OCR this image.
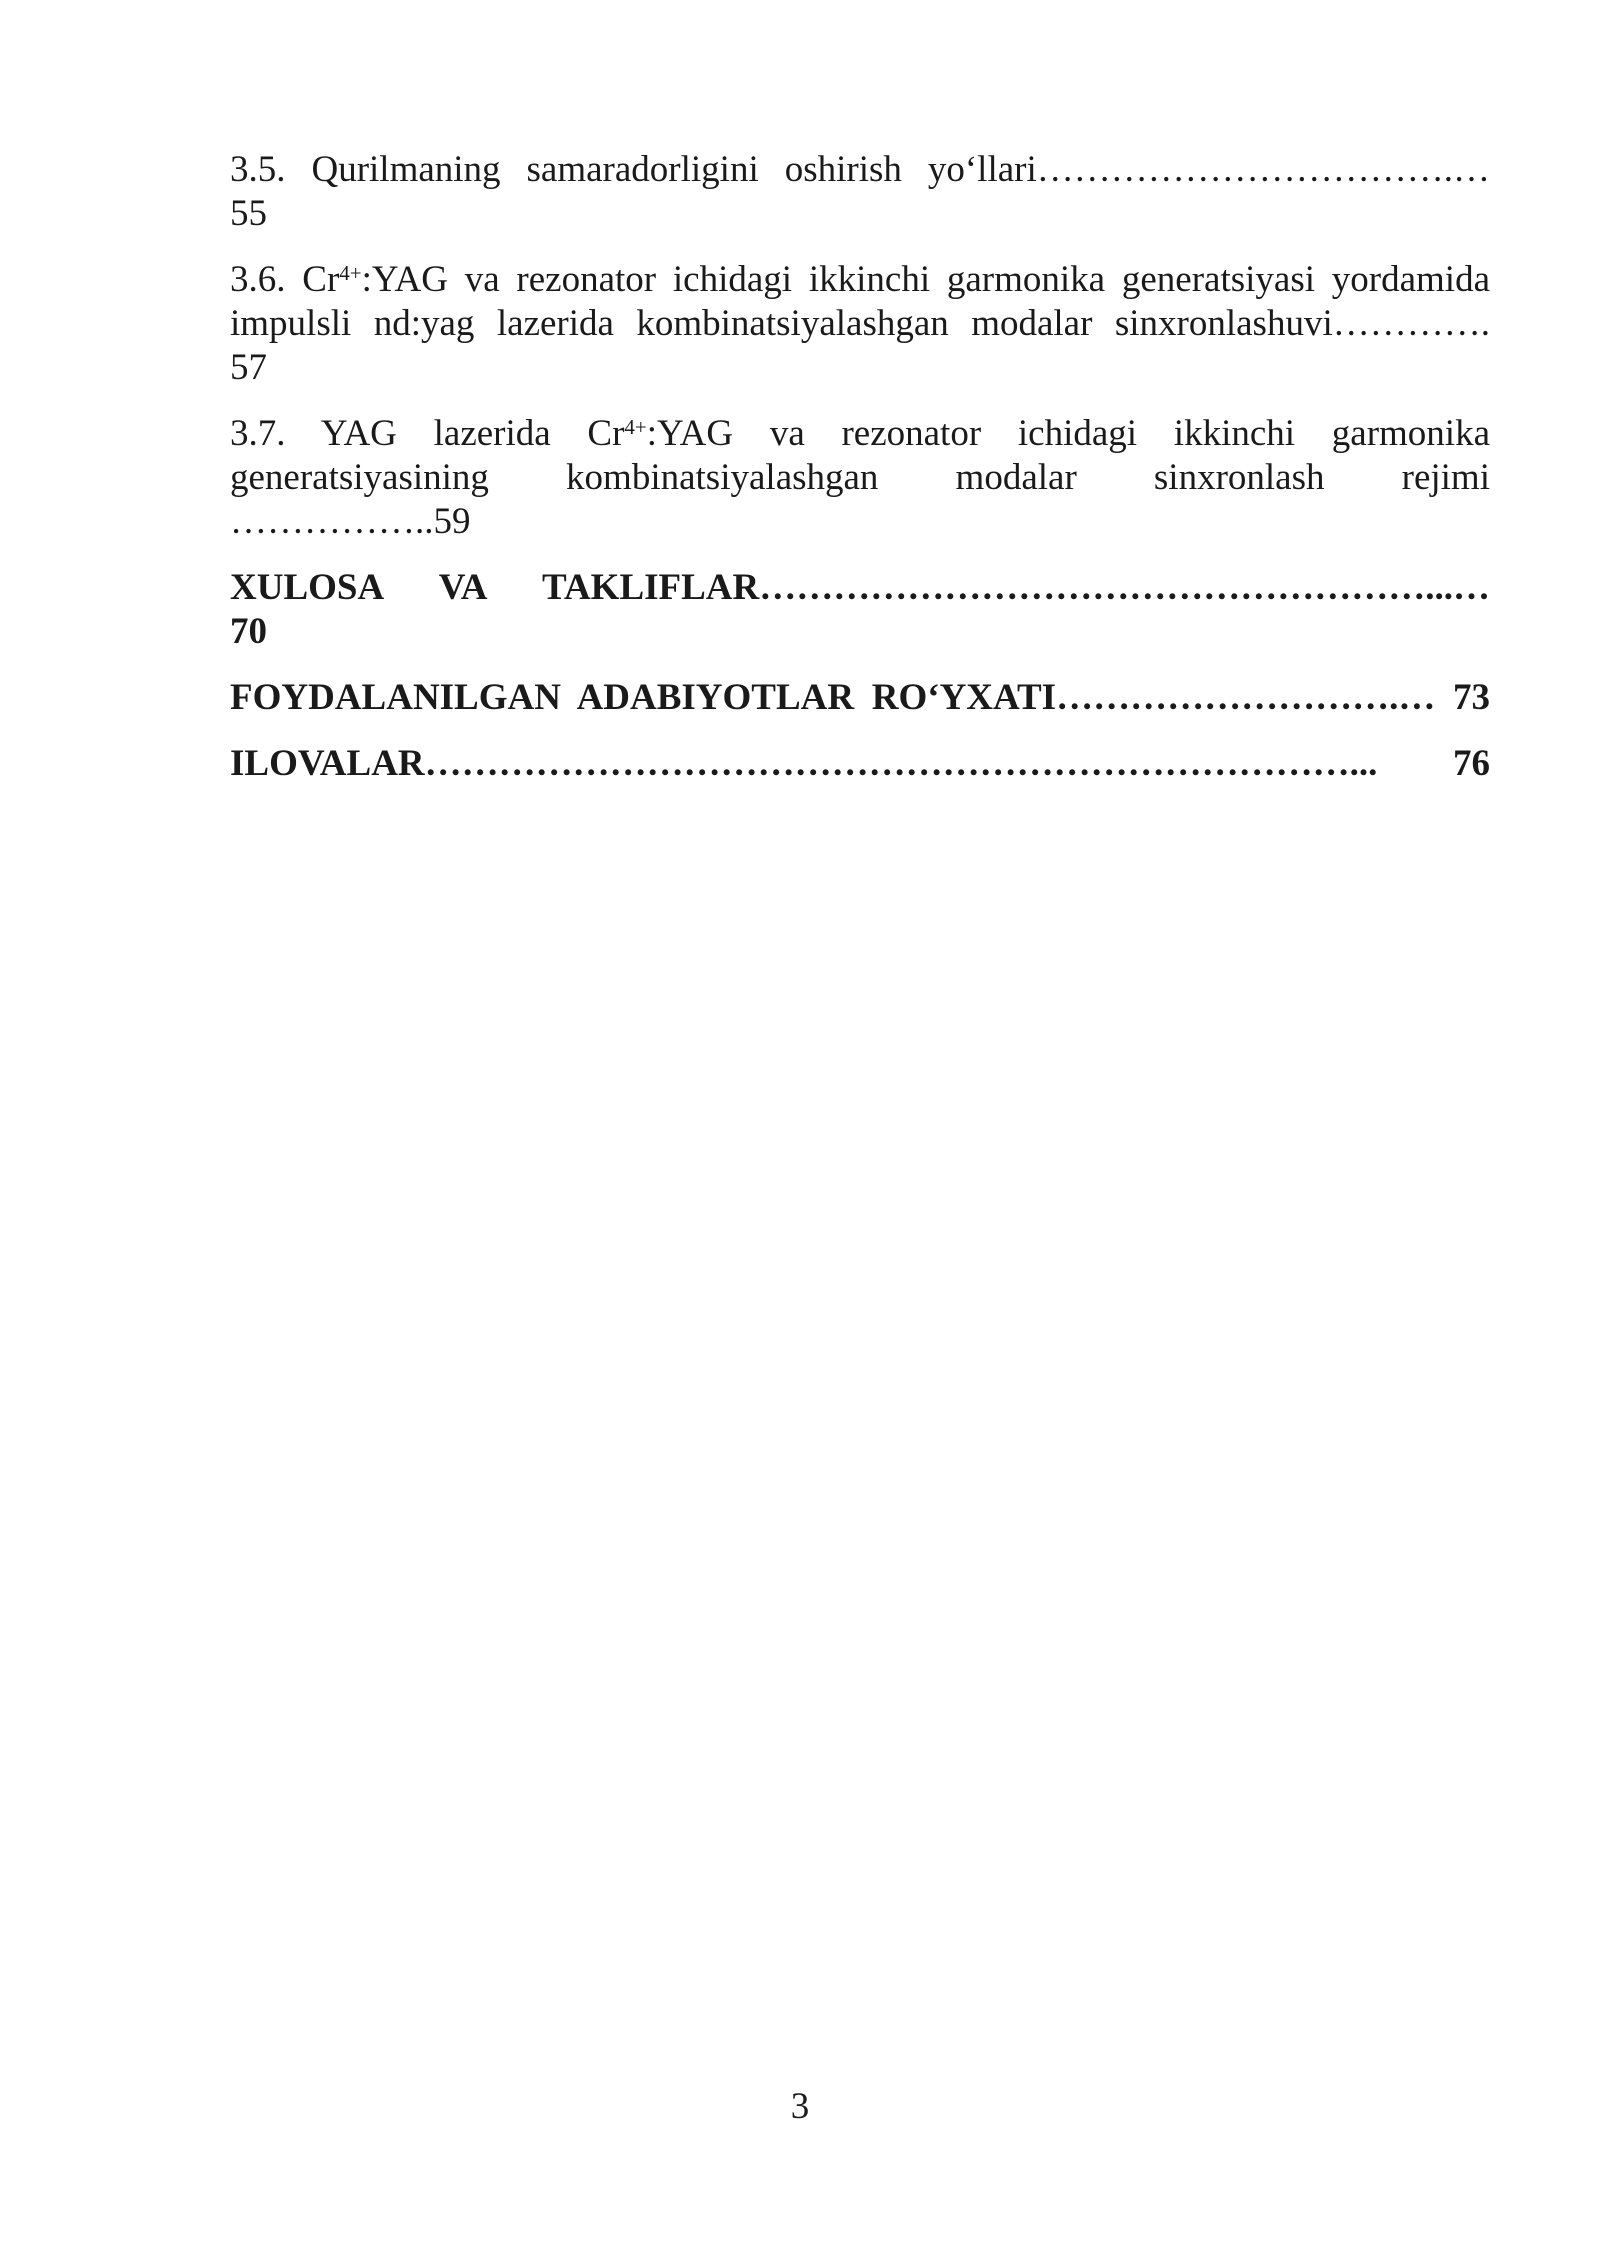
3.5. Qurilmaning samaradorligini oshirish yo‘llari…………………………….…
55
3.6. $Cr^{4+}:YAG$ va rezonator ichidagi ikkinchi garmonika generatsiyasi yordamida
impulsli nd:yag lazerida kombinatsiyalashgan modalar sinxronlashuvi………….
57
3.7. YAG lazerida $Cr^{4+}:YAG$ va rezonator ichidagi ikkinchi garmonika
generatsiyasining kombinatsiyalashgan modalar sinxronlash rejimi
……………..59
XULOSA VA TAKLIFLAR………………………………………………...…
70
FOYDALANILGAN ADABIYOTLAR RO‘YXATI……………………….… 73
ILOVALAR…………………………………………………………………... 76
3
